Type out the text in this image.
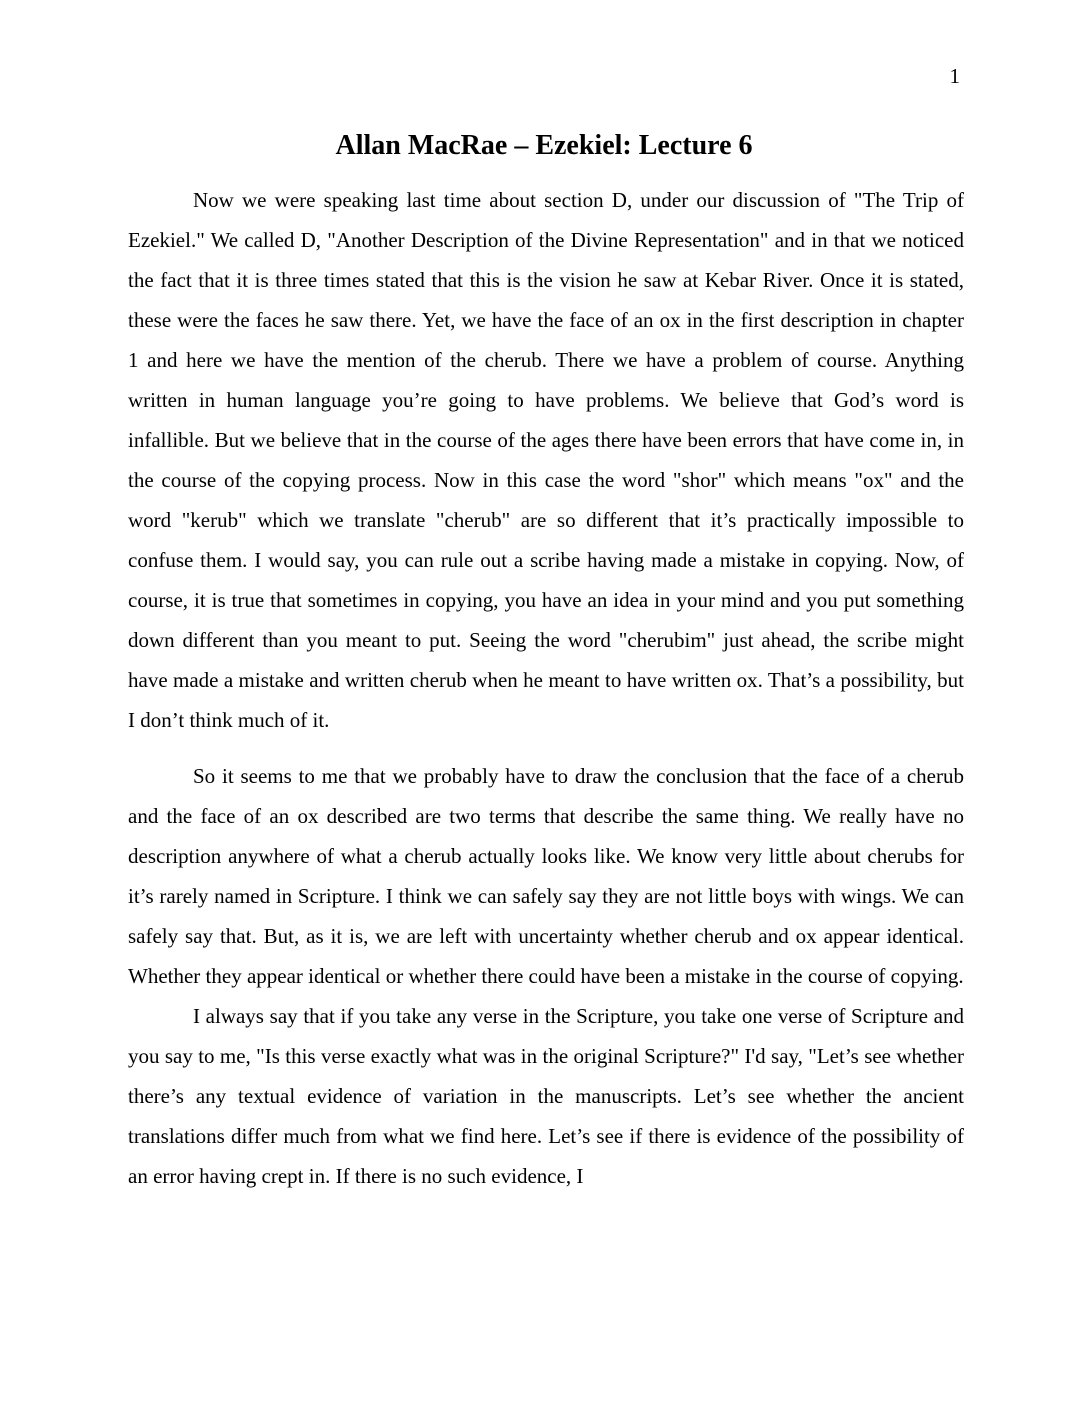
1
Allan MacRae – Ezekiel: Lecture 6

Now we were speaking last time about section D, under our discussion of "The Trip of Ezekiel." We called D, "Another Description of the Divine Representation" and in that we noticed the fact that it is three times stated that this is the vision he saw at Kebar River. Once it is stated, these were the faces he saw there. Yet, we have the face of an ox in the first description in chapter 1 and here we have the mention of the cherub. There we have a problem of course. Anything written in human language you’re going to have problems. We believe that God’s word is infallible. But we believe that in the course of the ages there have been errors that have come in, in the course of the copying process. Now in this case the word "shor" which means "ox" and the word "kerub" which we translate "cherub" are so different that it’s practically impossible to confuse them. I would say, you can rule out a scribe having made a mistake in copying. Now, of course, it is true that sometimes in copying, you have an idea in your mind and you put something down different than you meant to put. Seeing the word "cherubim" just ahead, the scribe might have made a mistake and written cherub when he meant to have written ox. That’s a possibility, but I don’t think much of it.

So it seems to me that we probably have to draw the conclusion that the face of a cherub and the face of an ox described are two terms that describe the same thing. We really have no description anywhere of what a cherub actually looks like. We know very little about cherubs for it’s rarely named in Scripture. I think we can safely say they are not little boys with wings. We can safely say that. But, as it is, we are left with uncertainty whether cherub and ox appear identical. Whether they appear identical or whether there could have been a mistake in the course of copying.

I always say that if you take any verse in the Scripture, you take one verse of Scripture and you say to me, "Is this verse exactly what was in the original Scripture?" I'd say, "Let’s see whether there’s any textual evidence of variation in the manuscripts. Let’s see whether the ancient translations differ much from what we find here. Let’s see if there is evidence of the possibility of an error having crept in. If there is no such evidence, I
